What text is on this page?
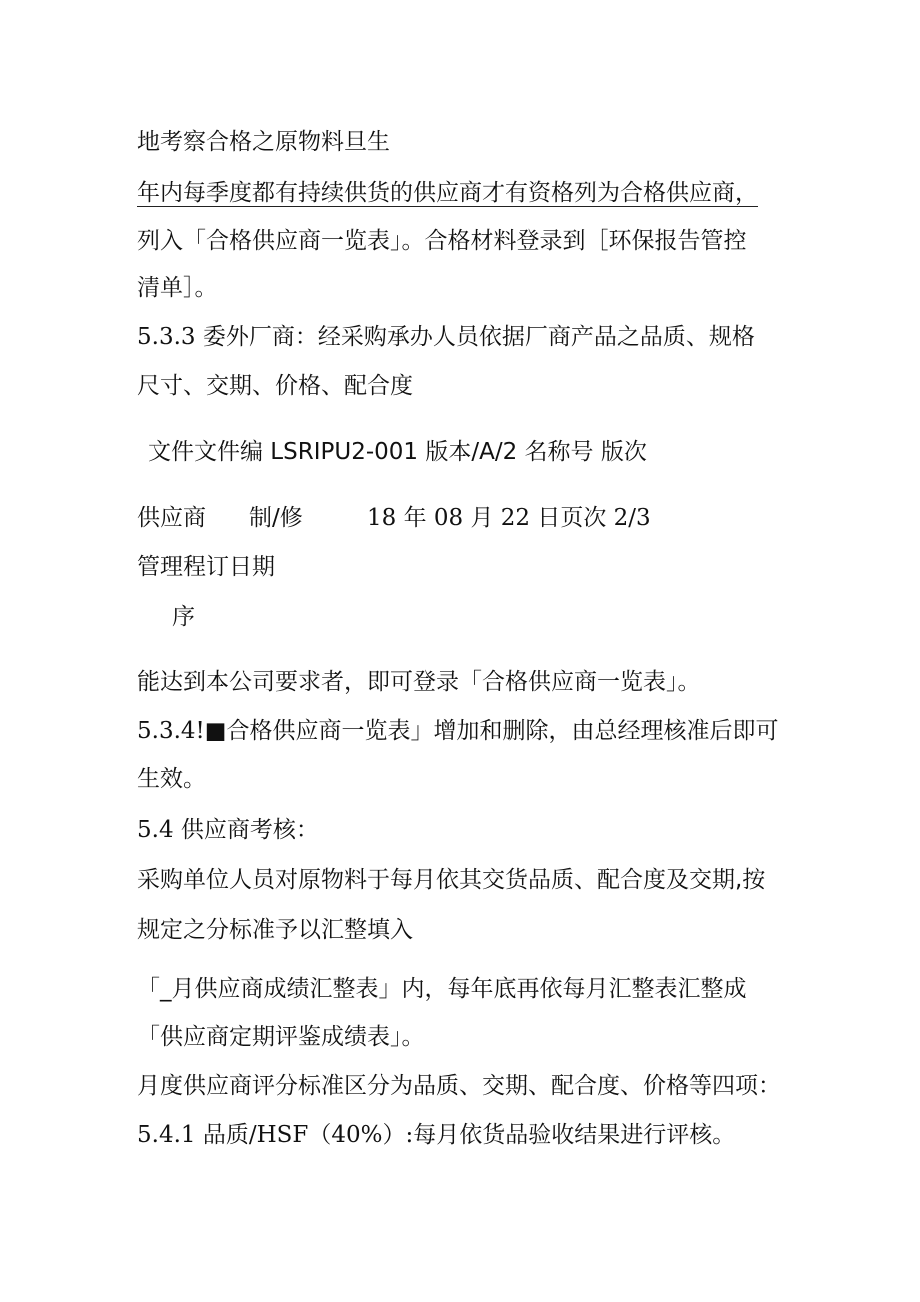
地考察合格之原物料旦生

年内每季度都有持续供货的供应商才有资格列为合格供应商，

列入「合格供应商一览表」。合格材料登录到［环保报告管控

清单］。

5.3.3 委外厂商：经采购承办人员依据厂商产品之品质、规格

尺寸、交期、价格、配合度

文件文件编 LSRIPU2-001 版本/A/2 名称号 版次
供应商 制/修	18 年 08 月 22 日页次 2/3
管理程订日期
序

能达到本公司要求者，即可登录「合格供应商一览表」。

5.3.4!■合格供应商一览表」增加和删除，由总经理核准后即可

生效。

5.4 供应商考核：

采购单位人员对原物料于每月依其交货品质、配合度及交期,按

规定之分标准予以汇整填入

「_月供应商成绩汇整表」内，每年底再依每月汇整表汇整成

「供应商定期评鉴成绩表」。

月度供应商评分标准区分为品质、交期、配合度、价格等四项：

5.4.1 品质/HSF（40%）:每月依货品验收结果进行评核。
